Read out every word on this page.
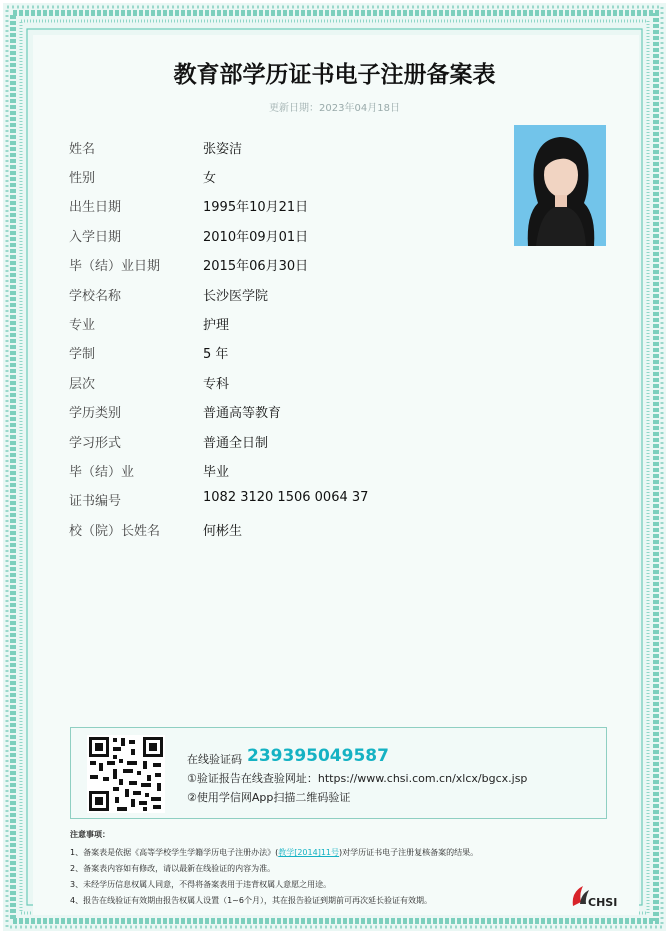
教育部学历证书电子注册备案表
更新日期：2023年04月18日
姓名	张姿洁
性别	女
出生日期	1995年10月21日
入学日期	2010年09月01日
毕（结）业日期	2015年06月30日
学校名称	长沙医学院
专业	护理
学制	5 年
层次	专科
学历类别	普通高等教育
学习形式	普通全日制
毕（结）业	毕业
证书编号	1082 3120 1506 0064 37
校（院）长姓名	何彬生
在线验证码 239395049587
①验证报告在线查验网址：https://www.chsi.com.cn/xlcx/bgcx.jsp
②使用学信网App扫描二维码验证
注意事项：
1、备案表是依据《高等学校学生学籍学历电子注册办法》(教学[2014]11号)对学历证书电子注册复核备案的结果。
2、备案表内容如有修改，请以最新在线验证的内容为准。
3、未经学历信息权属人同意，不得将备案表用于违背权属人意愿之用途。
4、报告在线验证有效期由报告权属人设置（1~6个月），其在报告验证到期前可再次延长验证有效期。	CHSI
